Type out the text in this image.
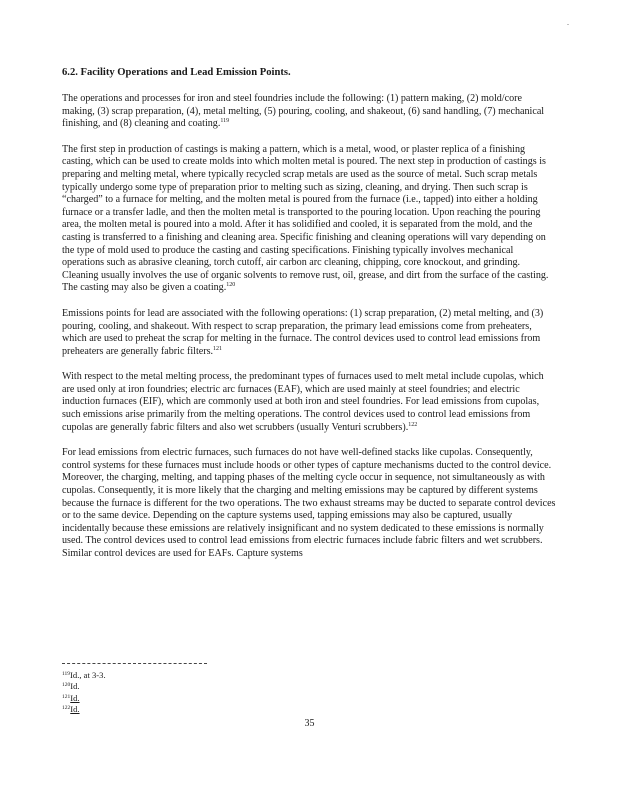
-
6.2. Facility Operations and Lead Emission Points.

The operations and processes for iron and steel foundries include the following: (1) pattern making, (2) mold/core making, (3) scrap preparation, (4), metal melting, (5) pouring, cooling, and shakeout, (6) sand handling, (7) mechanical finishing, and (8) cleaning and coating.$^{119}$

The first step in production of castings is making a pattern, which is a metal, wood, or plaster replica of a finishing casting, which can be used to create molds into which molten metal is poured. The next step in production of castings is preparing and melting metal, where typically recycled scrap metals are used as the source of metal. Such scrap metals typically undergo some type of preparation prior to melting such as sizing, cleaning, and drying. Then such scrap is “charged” to a furnace for melting, and the molten metal is poured from the furnace (i.e., tapped) into either a holding furnace or a transfer ladle, and then the molten metal is transported to the pouring location. Upon reaching the pouring area, the molten metal is poured into a mold. After it has solidified and cooled, it is separated from the mold, and the casting is transferred to a finishing and cleaning area. Specific finishing and cleaning operations will vary depending on the type of mold used to produce the casting and casting specifications. Finishing typically involves mechanical operations such as abrasive cleaning, torch cutoff, air carbon arc cleaning, chipping, core knockout, and grinding. Cleaning usually involves the use of organic solvents to remove rust, oil, grease, and dirt from the surface of the casting. The casting may also be given a coating.$^{120}$

Emissions points for lead are associated with the following operations: (1) scrap preparation, (2) metal melting, and (3) pouring, cooling, and shakeout. With respect to scrap preparation, the primary lead emissions come from preheaters, which are used to preheat the scrap for melting in the furnace. The control devices used to control lead emissions from preheaters are generally fabric filters.$^{121}$

With respect to the metal melting process, the predominant types of furnaces used to melt metal include cupolas, which are used only at iron foundries; electric arc furnaces (EAF), which are used mainly at steel foundries; and electric induction furnaces (EIF), which are commonly used at both iron and steel foundries. For lead emissions from cupolas, such emissions arise primarily from the melting operations. The control devices used to control lead emissions from cupolas are generally fabric filters and also wet scrubbers (usually Venturi scrubbers).$^{122}$

For lead emissions from electric furnaces, such furnaces do not have well-defined stacks like cupolas. Consequently, control systems for these furnaces must include hoods or other types of capture mechanisms ducted to the control device. Moreover, the charging, melting, and tapping phases of the melting cycle occur in sequence, not simultaneously as with cupolas. Consequently, it is more likely that the charging and melting emissions may be captured by different systems because the furnace is different for the two operations. The two exhaust streams may be ducted to separate control devices or to the same device. Depending on the capture systems used, tapping emissions may also be captured, usually incidentally because these emissions are relatively insignificant and no system dedicated to these emissions is normally used. The control devices used to control lead emissions from electric furnaces include fabric filters and wet scrubbers. Similar control devices are used for EAFs. Capture systems

$^{119}$Id., at 3-3.
$^{120}$Id.
$^{121}$Id.
$^{122}$Id.
35
